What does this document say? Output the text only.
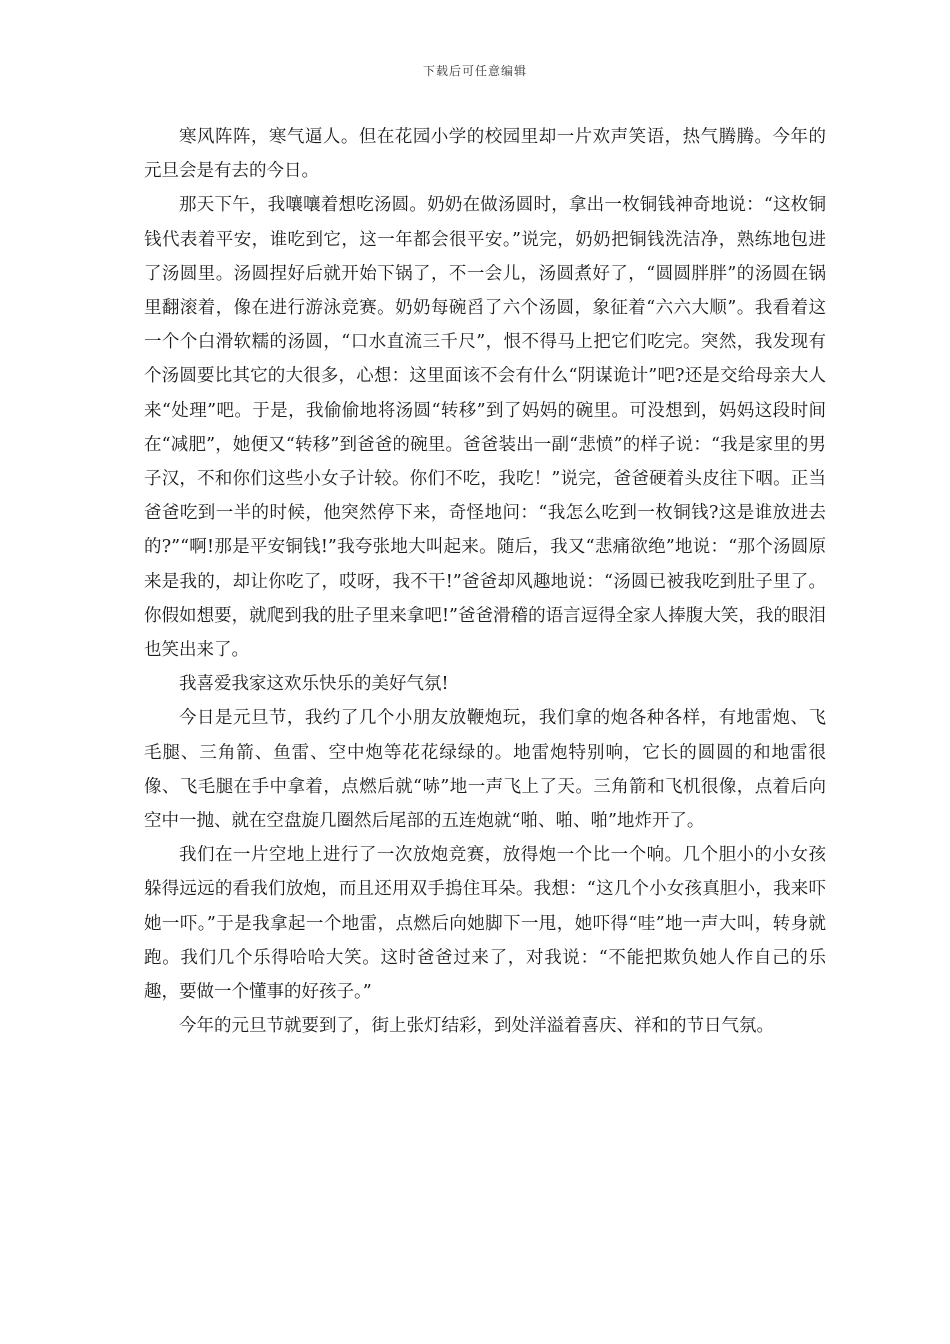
下载后可任意编辑

寒风阵阵，寒气逼人。但在花园小学的校园里却一片欢声笑语，热气腾腾。今年的元旦会是有去的今日。

那天下午，我嚷嚷着想吃汤圆。奶奶在做汤圆时，拿出一枚铜钱神奇地说：“这枚铜钱代表着平安，谁吃到它，这一年都会很平安。”说完，奶奶把铜钱洗洁净，熟练地包进了汤圆里。汤圆捏好后就开始下锅了，不一会儿，汤圆煮好了，“圆圆胖胖”的汤圆在锅里翻滚着，像在进行游泳竞赛。奶奶每碗舀了六个汤圆，象征着“六六大顺”。我看着这一个个白滑软糯的汤圆，“口水直流三千尺”，恨不得马上把它们吃完。突然，我发现有个汤圆要比其它的大很多，心想：这里面该不会有什么“阴谋诡计”吧?还是交给母亲大人来“处理”吧。于是，我偷偷地将汤圆“转移”到了妈妈的碗里。可没想到，妈妈这段时间在“减肥”，她便又“转移”到爸爸的碗里。爸爸装出一副“悲愤”的样子说：“我是家里的男子汉，不和你们这些小女子计较。你们不吃，我吃！”说完，爸爸硬着头皮往下咽。正当爸爸吃到一半的时候，他突然停下来，奇怪地问：“我怎么吃到一枚铜钱?这是谁放进去的?”“啊!那是平安铜钱!”我夸张地大叫起来。随后，我又“悲痛欲绝”地说：“那个汤圆原来是我的，却让你吃了，哎呀，我不干!”爸爸却风趣地说：“汤圆已被我吃到肚子里了。你假如想要，就爬到我的肚子里来拿吧!”爸爸滑稽的语言逗得全家人捧腹大笑，我的眼泪也笑出来了。

我喜爱我家这欢乐快乐的美好气氛!

今日是元旦节，我约了几个小朋友放鞭炮玩，我们拿的炮各种各样，有地雷炮、飞毛腿、三角箭、鱼雷、空中炮等花花绿绿的。地雷炮特别响，它长的圆圆的和地雷很像、飞毛腿在手中拿着，点燃后就“哧”地一声飞上了天。三角箭和飞机很像，点着后向空中一抛、就在空盘旋几圈然后尾部的五连炮就“啪、啪、啪”地炸开了。

我们在一片空地上进行了一次放炮竞赛，放得炮一个比一个响。几个胆小的小女孩躲得远远的看我们放炮，而且还用双手摀住耳朵。我想：“这几个小女孩真胆小，我来吓她一吓。”于是我拿起一个地雷，点燃后向她脚下一甩，她吓得“哇”地一声大叫，转身就跑。我们几个乐得哈哈大笑。这时爸爸过来了，对我说：“不能把欺负她人作自己的乐趣，要做一个懂事的好孩子。”

今年的元旦节就要到了，街上张灯结彩，到处洋溢着喜庆、祥和的节日气氛。
